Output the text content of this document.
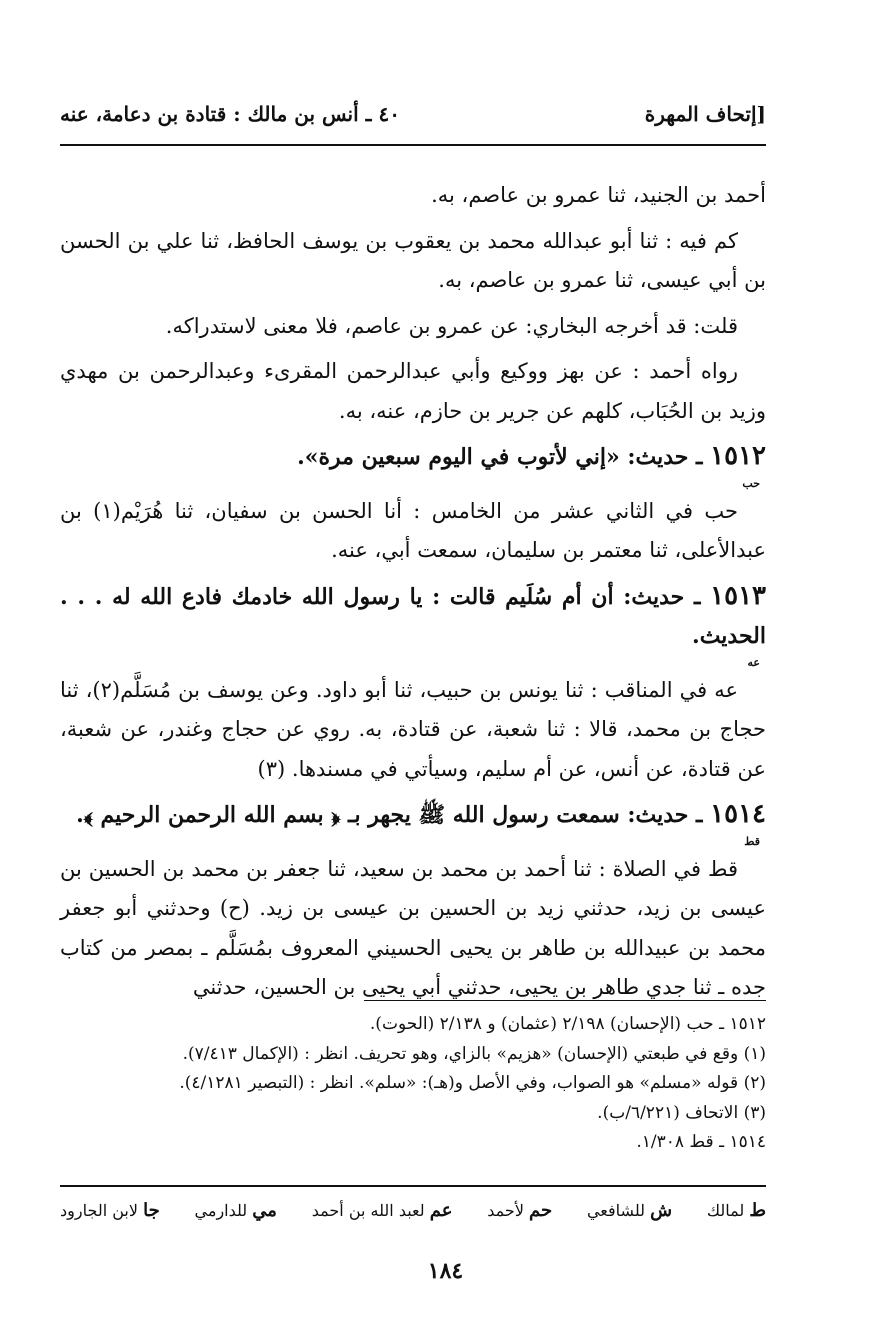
٤٠ ـ أنس بن مالك : قتادة بن دعامة، عنه	[إتحاف المهرة

أحمد بن الجنيد، ثنا عمرو بن عاصم، به.

كم فيه : ثنا أبو عبدالله محمد بن يعقوب بن يوسف الحافظ، ثنا علي بن الحسن بن أبي عيسى، ثنا عمرو بن عاصم، به.

قلت: قد أخرجه البخاري: عن عمرو بن عاصم، فلا معنى لاستدراكه.

رواه أحمد : عن بهز ووكيع وأبي عبدالرحمن المقرىء وعبدالرحمن بن مهدي وزيد بن الحُبَاب، كلهم عن جرير بن حازم، عنه، به.

١٥١٢ ـ حديث: «إني لأتوب في اليوم سبعين مرة».
حب

حب في الثاني عشر من الخامس : أنا الحسن بن سفيان، ثنا هُرَيْم(١) بن عبدالأعلى، ثنا معتمر بن سليمان، سمعت أبي، عنه.

١٥١٣ ـ حديث: أن أم سُلَيم قالت : يا رسول الله خادمك فادع الله له . . . الحديث.
عه

عه في المناقب : ثنا يونس بن حبيب، ثنا أبو داود. وعن يوسف بن مُسَلَّم(٢)، ثنا حجاج بن محمد، قالا : ثنا شعبة، عن قتادة، به. روي عن حجاج وغندر، عن شعبة، عن قتادة، عن أنس، عن أم سليم، وسيأتي في مسندها. (٣)

١٥١٤ ـ حديث: سمعت رسول الله ﷺ يجهر بـ ﴿ بسم الله الرحمن الرحيم ﴾.
قط

قط في الصلاة : ثنا أحمد بن محمد بن سعيد، ثنا جعفر بن محمد بن الحسين بن عيسى بن زيد، حدثني زيد بن الحسين بن عيسى بن زيد. (ح) وحدثني أبو جعفر محمد بن عبيدالله بن طاهر بن يحيى الحسيني المعروف بمُسَلَّم ـ بمصر من كتاب جده ـ ثنا جدي طاهر بن يحيى، حدثني أبي يحيى بن الحسين، حدثني

١٥١٢ ـ حب (الإحسان) ٢/١٩٨ (عثمان) و ٢/١٣٨ (الحوت).
(١) وقع في طبعتي (الإحسان) «هزيم» بالزاي، وهو تحريف. انظر : (الإكمال ٧/٤١٣).
(٢) قوله «مسلم» هو الصواب، وفي الأصل و(هـ): «سلم». انظر : (التبصير ٤/١٢٨١).
(٣) الاتحاف (٦/٢٢١/ب).
١٥١٤ ـ قط ١/٣٠٨.
ط لمالك
ش للشافعي
حم لأحمد
عم لعبد الله بن أحمد
مي للدارمي
جا لابن الجارود
١٨٤
